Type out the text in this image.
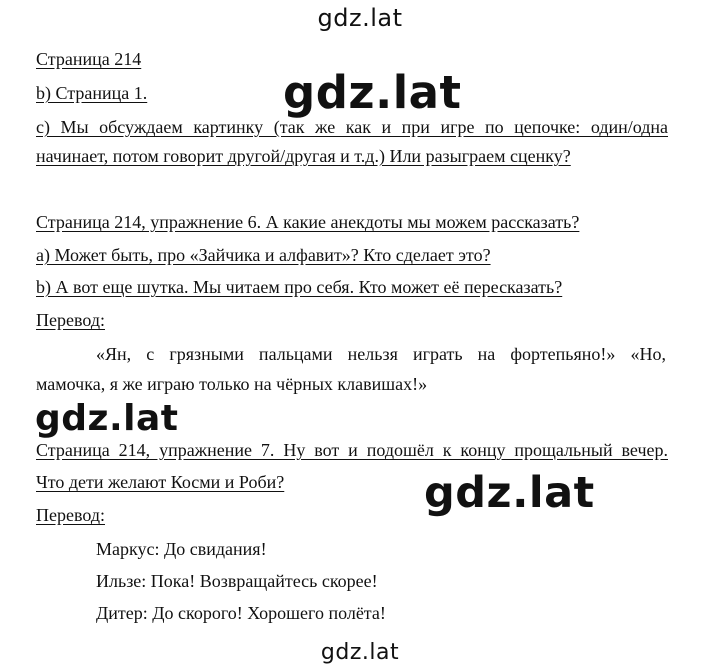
gdz.lat
gdz.lat
gdz.lat
gdz.lat
gdz.lat
Страница 214
b) Страница 1.
c) Мы обсуждаем картинку (так же как и при игре по цепочке: один/одна
начинает, потом говорит другой/другая и т.д.) Или разыграем сценку?
Страница 214, упражнение 6. А какие анекдоты мы можем рассказать?
a) Может быть, про «Зайчика и алфавит»? Кто сделает это?
b) А вот еще шутка. Мы читаем про себя. Кто может её пересказать?
Перевод:
«Ян, с грязными пальцами нельзя играть на фортепьяно!» «Но,
мамочка, я же играю только на чёрных клавишах!»
Страница 214, упражнение 7. Ну вот и подошёл к концу прощальный вечер.
Что дети желают Косми и Роби?
Перевод:
Маркус: До свидания!
Ильзе: Пока! Возвращайтесь скорее!
Дитер: До скорого! Хорошего полёта!
